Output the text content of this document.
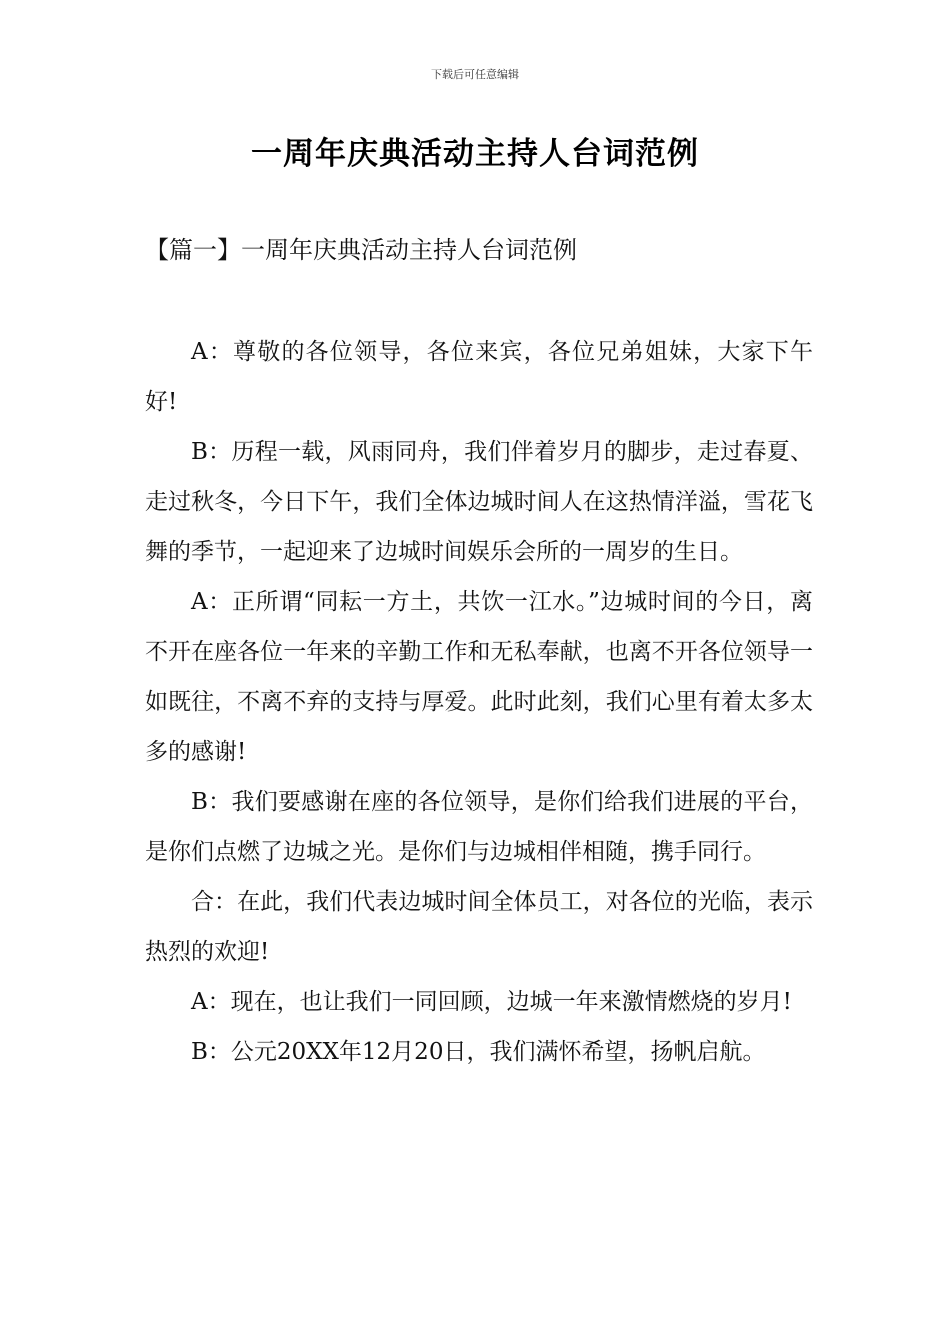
下载后可任意编辑
一周年庆典活动主持人台词范例
【篇一】一周年庆典活动主持人台词范例

A：尊敬的各位领导，各位来宾，各位兄弟姐妹，大家下午好!

B：历程一载，风雨同舟，我们伴着岁月的脚步，走过春夏、走过秋冬，今日下午，我们全体边城时间人在这热情洋溢，雪花飞舞的季节，一起迎来了边城时间娱乐会所的一周岁的生日。

A：正所谓“同耘一方土，共饮一江水。”边城时间的今日，离不开在座各位一年来的辛勤工作和无私奉献，也离不开各位领导一如既往，不离不弃的支持与厚爱。此时此刻，我们心里有着太多太多的感谢!

B：我们要感谢在座的各位领导，是你们给我们进展的平台，是你们点燃了边城之光。是你们与边城相伴相随，携手同行。

合：在此，我们代表边城时间全体员工，对各位的光临，表示热烈的欢迎!

A：现在，也让我们一同回顾，边城一年来激情燃烧的岁月!

B：公元20XX年12月20日，我们满怀希望，扬帆启航。
